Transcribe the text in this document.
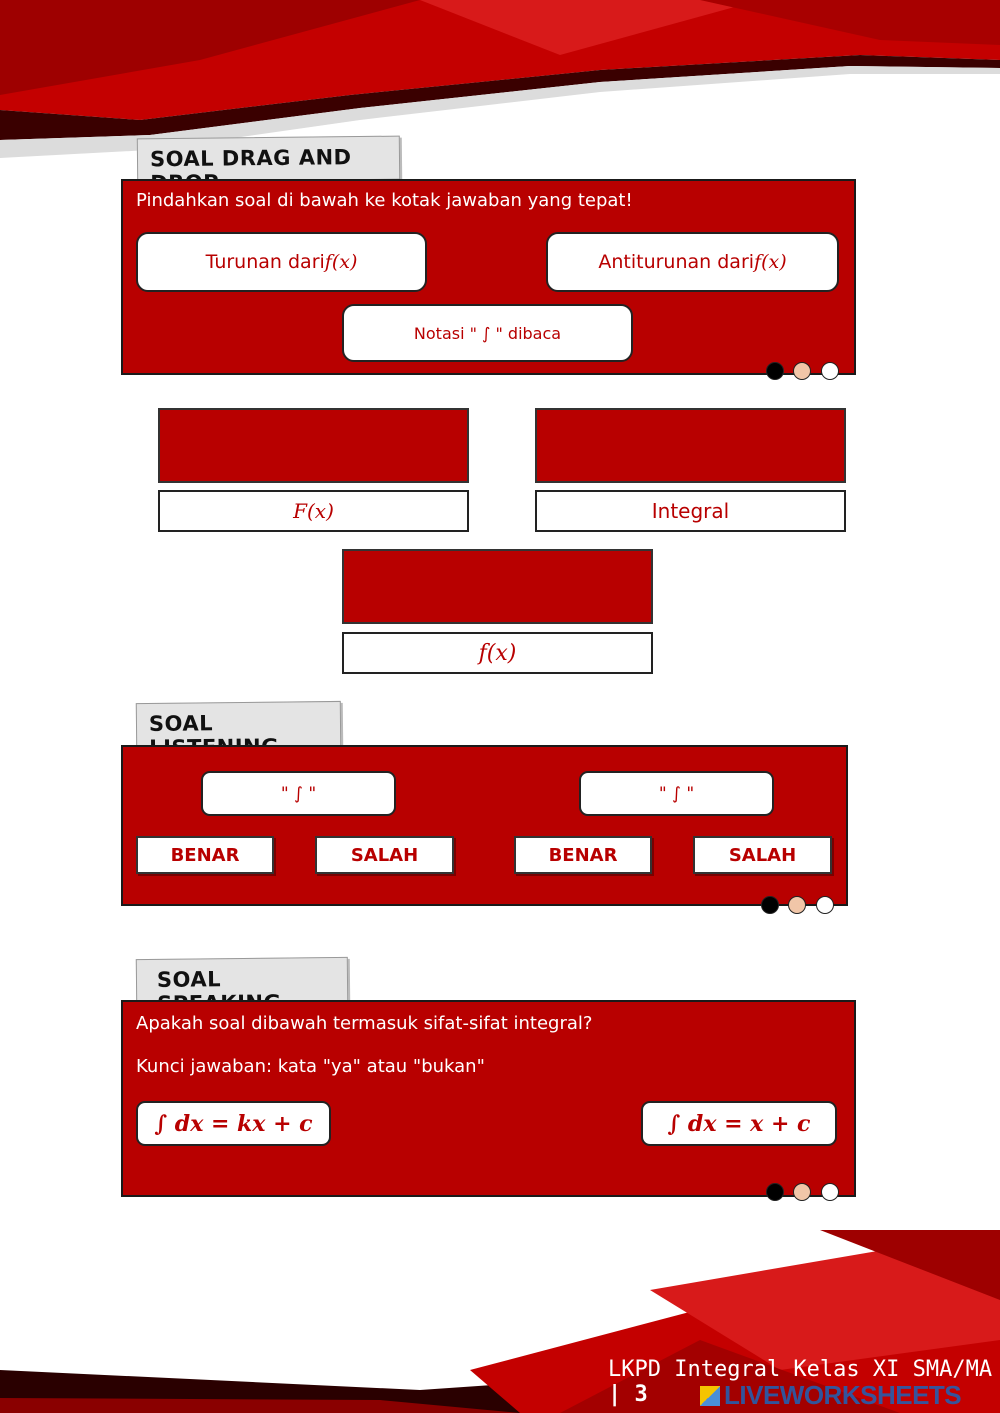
SOAL DRAG AND
Pindahkan soal di bawah ke kotak jawaban yang tepat!
Turunan dari f(x)	Antiturunan dari f(x)
Notasi " ∫ " dibaca
F(x)	Integral
f(x)
SOAL
" ∫ "	" ∫ "
BENAR	SALAH	BENAR	SALAH
SOAL
Apakah soal dibawah termasuk sifat-sifat integral?
Kunci jawaban: kata "ya" atau "bukan"
∫ dx = kx + c	∫ dx = x + c
LKPD Integral Kelas XI SMA/MA | 3	LIVEWORKSHEETS
